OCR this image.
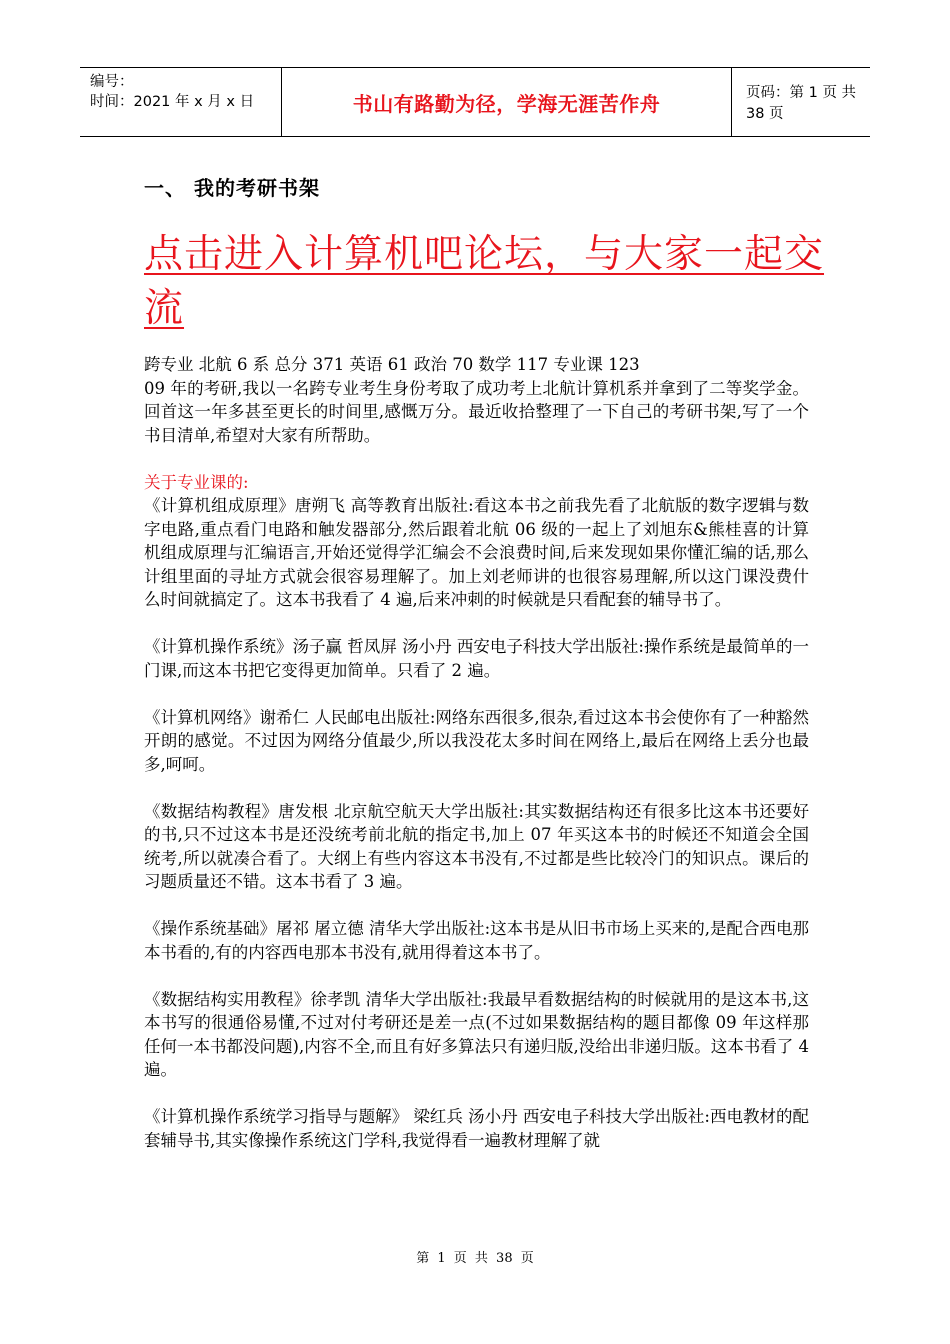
编号：
时间：2021 年 x 月 x 日	书山有路勤为径，学海无涯苦作舟	页码：第 1 页 共 38 页
一、 我的考研书架
点击进入计算机吧论坛，与大家一起交流

跨专业 北航 6 系 总分 371 英语 61 政治 70 数学 117 专业课 123

09 年的考研,我以一名跨专业考生身份考取了成功考上北航计算机系并拿到了二等奖学金。回首这一年多甚至更长的时间里,感慨万分。最近收拾整理了一下自己的考研书架,写了一个书目清单,希望对大家有所帮助。

关于专业课的:

《计算机组成原理》唐朔飞 高等教育出版社:看这本书之前我先看了北航版的数字逻辑与数字电路,重点看门电路和触发器部分,然后跟着北航 06 级的一起上了刘旭东&熊桂喜的计算机组成原理与汇编语言,开始还觉得学汇编会不会浪费时间,后来发现如果你懂汇编的话,那么计组里面的寻址方式就会很容易理解了。加上刘老师讲的也很容易理解,所以这门课没费什么时间就搞定了。这本书我看了 4 遍,后来冲刺的时候就是只看配套的辅导书了。

《计算机操作系统》汤子赢 哲凤屏 汤小丹 西安电子科技大学出版社:操作系统是最简单的一门课,而这本书把它变得更加简单。只看了 2 遍。

《计算机网络》谢希仁 人民邮电出版社:网络东西很多,很杂,看过这本书会使你有了一种豁然开朗的感觉。不过因为网络分值最少,所以我没花太多时间在网络上,最后在网络上丢分也最多,呵呵。

《数据结构教程》唐发根 北京航空航天大学出版社:其实数据结构还有很多比这本书还要好的书,只不过这本书是还没统考前北航的指定书,加上 07 年买这本书的时候还不知道会全国统考,所以就凑合看了。大纲上有些内容这本书没有,不过都是些比较冷门的知识点。课后的习题质量还不错。这本书看了 3 遍。

《操作系统基础》屠祁 屠立德 清华大学出版社:这本书是从旧书市场上买来的,是配合西电那本书看的,有的内容西电那本书没有,就用得着这本书了。

《数据结构实用教程》徐孝凯 清华大学出版社:我最早看数据结构的时候就用的是这本书,这本书写的很通俗易懂,不过对付考研还是差一点(不过如果数据结构的题目都像 09 年这样那任何一本书都没问题),内容不全,而且有好多算法只有递归版,没给出非递归版。这本书看了 4 遍。

《计算机操作系统学习指导与题解》 梁红兵 汤小丹 西安电子科技大学出版社:西电教材的配套辅导书,其实像操作系统这门学科,我觉得看一遍教材理解了就

第 1 页 共 38 页
